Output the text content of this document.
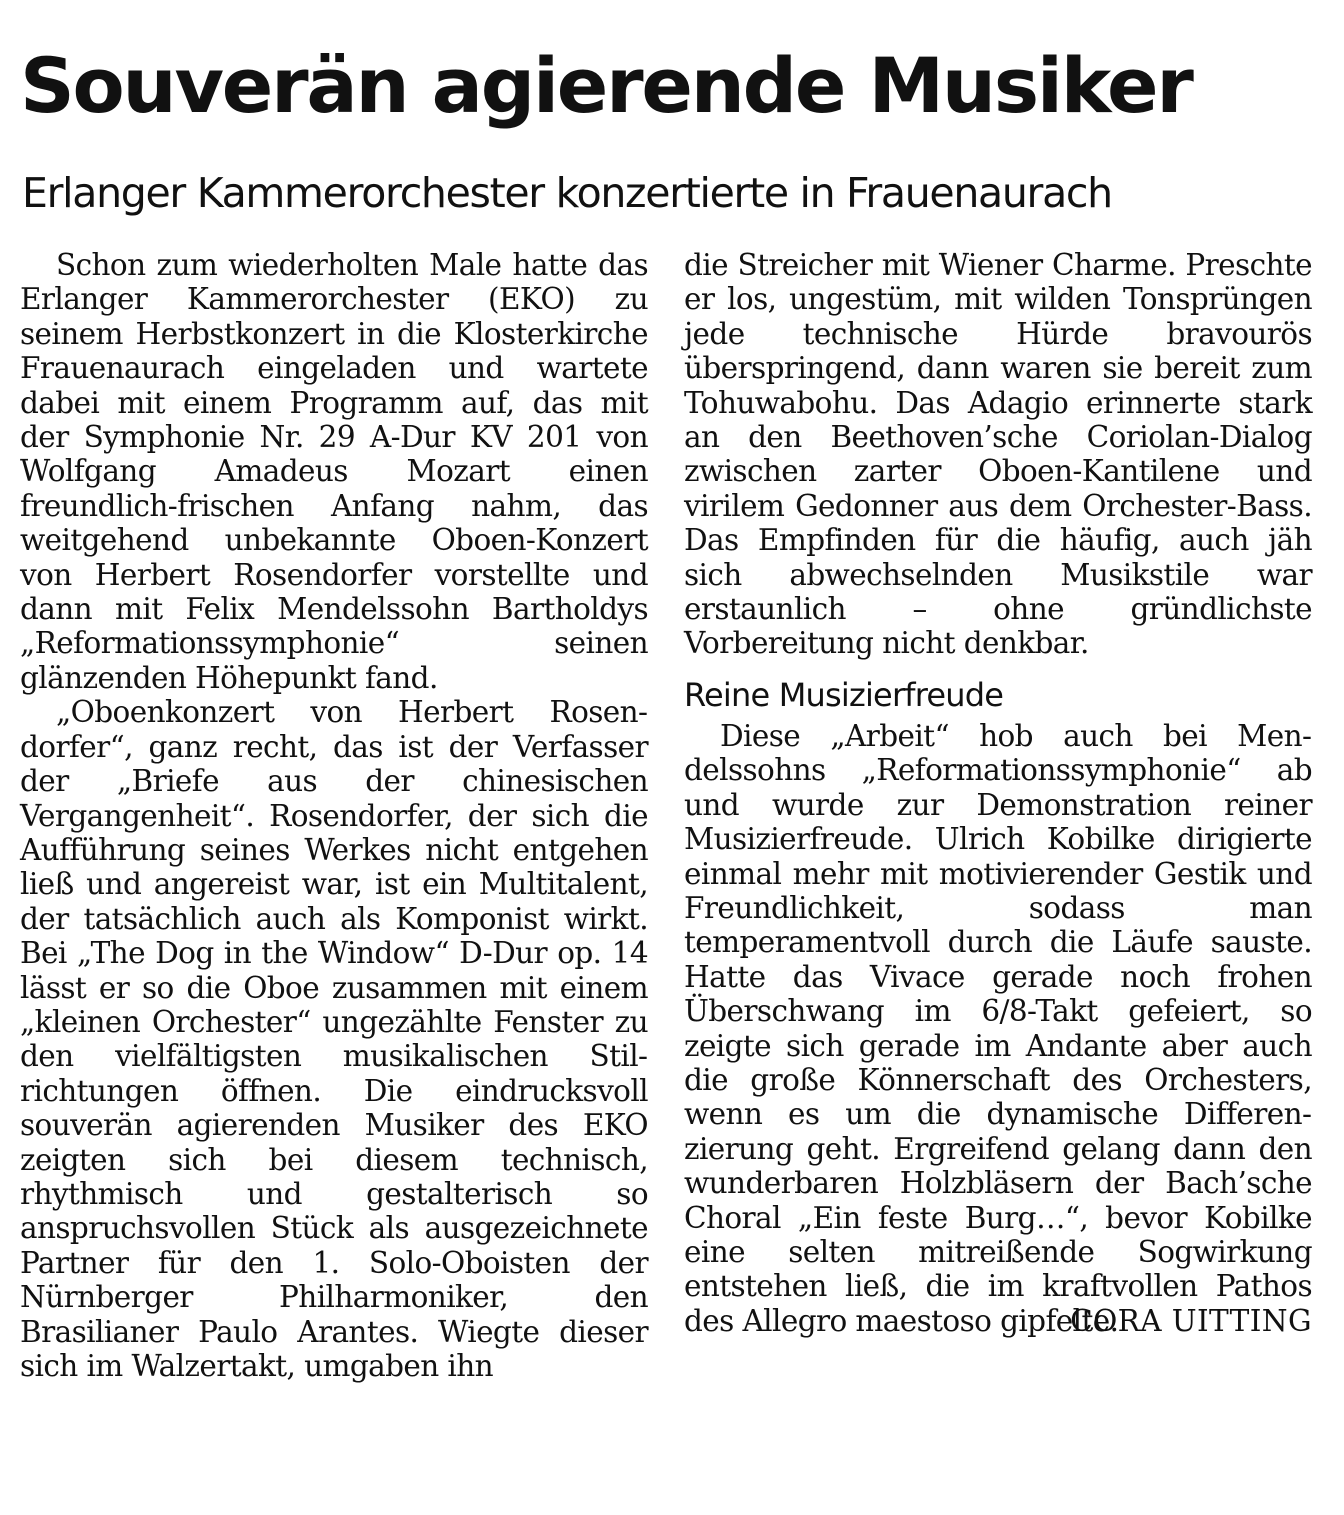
Souverän agierende Musiker
Erlanger Kammerorchester konzertierte in Frauenaurach

Schon zum wiederholten Male hatte das Erlanger Kammerorchester (EKO) zu seinem Herbstkonzert in die Klosterkirche Frauenaurach eingeladen und wartete dabei mit einem Programm auf, das mit der Symphonie Nr. 29 A-Dur KV 201 von Wolfgang Amadeus Mozart einen freundlich-frischen Anfang nahm, das weitgehend unbekannte Oboen-Konzert von Herbert Rosendorfer vorstellte und dann mit Felix Mendelssohn Bartholdys „Reformationssymphonie“ seinen glänzenden Höhepunkt fand.

„Oboenkonzert von Herbert Rosendorfer“, ganz recht, das ist der Verfasser der „Briefe aus der chinesischen Vergangenheit“. Rosendorfer, der sich die Aufführung seines Werkes nicht entgehen ließ und angereist war, ist ein Multitalent, der tatsächlich auch als Komponist wirkt. Bei „The Dog in the Window“ D-Dur op. 14 lässt er so die Oboe zusammen mit einem „kleinen Orchester“ ungezählte Fenster zu den vielfältigsten musikalischen Stilrichtungen öffnen. Die eindrucksvoll souverän agierenden Musiker des EKO zeigten sich bei diesem technisch, rhythmisch und gestalterisch so anspruchsvollen Stück als ausgezeichnete Partner für den 1. Solo-Oboisten der Nürnberger Philharmoniker, den Brasilianer Paulo Arantes. Wiegte dieser sich im Walzertakt, umgaben ihn

die Streicher mit Wiener Charme. Preschte er los, ungestüm, mit wilden Tonsprüngen jede technische Hürde bravourös überspringend, dann waren sie bereit zum Tohuwabohu. Das Adagio erinnerte stark an den Beethoven’sche Coriolan-Dialog zwischen zarter Oboen-Kantilene und virilem Gedonner aus dem Orchester-Bass. Das Empfinden für die häufig, auch jäh sich abwechselnden Musikstile war erstaunlich – ohne gründlichste Vorbereitung nicht denkbar.

Reine Musizierfreude

Diese „Arbeit“ hob auch bei Mendelssohns „Reformationssymphonie“ ab und wurde zur Demonstration reiner Musizierfreude. Ulrich Kobilke dirigierte einmal mehr mit motivierender Gestik und Freundlichkeit, sodass man temperamentvoll durch die Läufe sauste. Hatte das Vivace gerade noch frohen Überschwang im 6/8-Takt gefeiert, so zeigte sich gerade im Andante aber auch die große Könnerschaft des Orchesters, wenn es um die dynamische Differenzierung geht. Ergreifend gelang dann den wunderbaren Holzbläsern der Bach’sche Choral „Ein feste Burg…“, bevor Kobilke eine selten mitreißende Sogwirkung entstehen ließ, die im kraftvollen Pathos des Allegro maestoso gipfelte.

CORA UITTING
